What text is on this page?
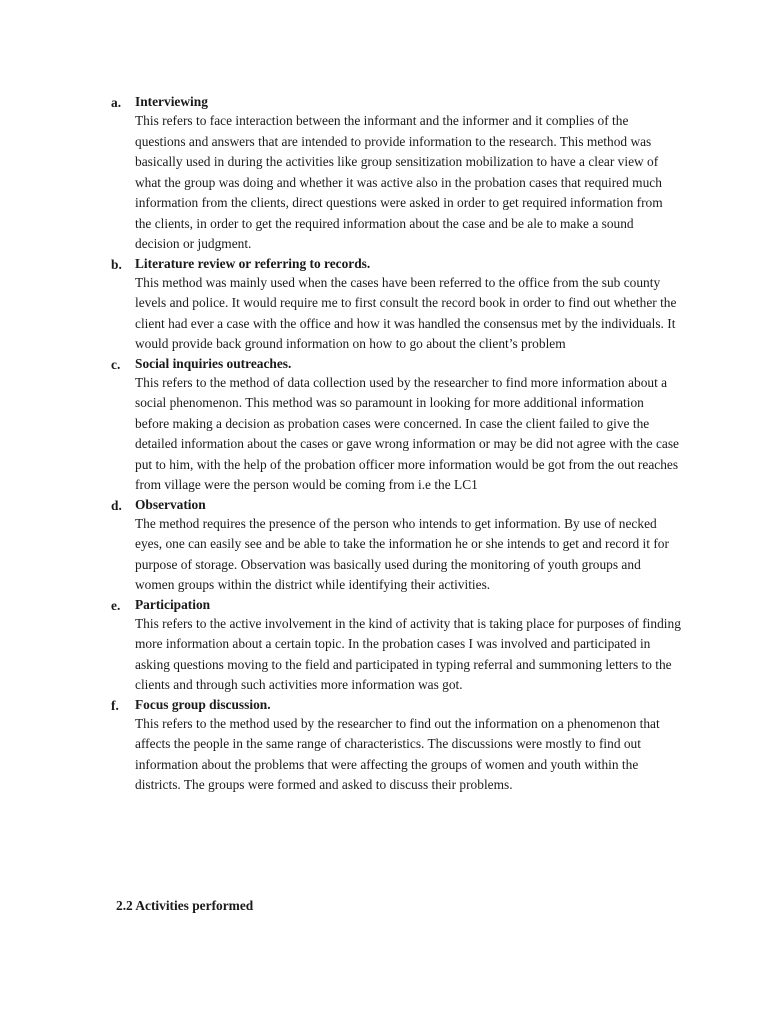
a. Interviewing

This refers to face interaction between the informant and the informer and it complies of the questions and answers that are intended to provide information to the research. This method was basically used in during the activities like group sensitization mobilization to have a clear view of what the group was doing and whether it was active also in the probation cases that required much information from the clients, direct questions were asked in order to get required information from the clients, in order to get the required information about the case and be ale to make a sound decision or judgment.

b. Literature review or referring to records.

This method was mainly used when the cases have been referred to the office from the sub county levels and police. It would require me to first consult the record book in order to find out whether the client had ever a case with the office and how it was handled the consensus met by the individuals. It would provide back ground information on how to go about the client’s problem

c. Social inquiries outreaches.

This refers to the method of data collection used by the researcher to find more information about a social phenomenon. This method was so paramount in looking for more additional information before making a decision as probation cases were concerned. In case the client failed to give the detailed information about the cases or gave wrong information or may be did not agree with the case put to him, with the help of the probation officer more information would be got from the out reaches from village were the person would be coming from i.e the LC1

d. Observation

The method requires the presence of the person who intends to get information. By use of necked eyes, one can easily see and be able to take the information he or she intends to get and record it for purpose of storage. Observation was basically used during the monitoring of youth groups and women groups within the district while identifying their activities.

e. Participation

This refers to the active involvement in the kind of activity that is taking place for purposes of finding more information about a certain topic. In the probation cases I was involved and participated in asking questions moving to the field and participated in typing referral and summoning letters to the clients and through such activities more information was got.

f. Focus group discussion.

This refers to the method used by the researcher to find out the information on a phenomenon that affects the people in the same range of characteristics. The discussions were mostly to find out information about the problems that were affecting the groups of women and youth within the districts. The groups were formed and asked to discuss their problems.

2.2 Activities performed
